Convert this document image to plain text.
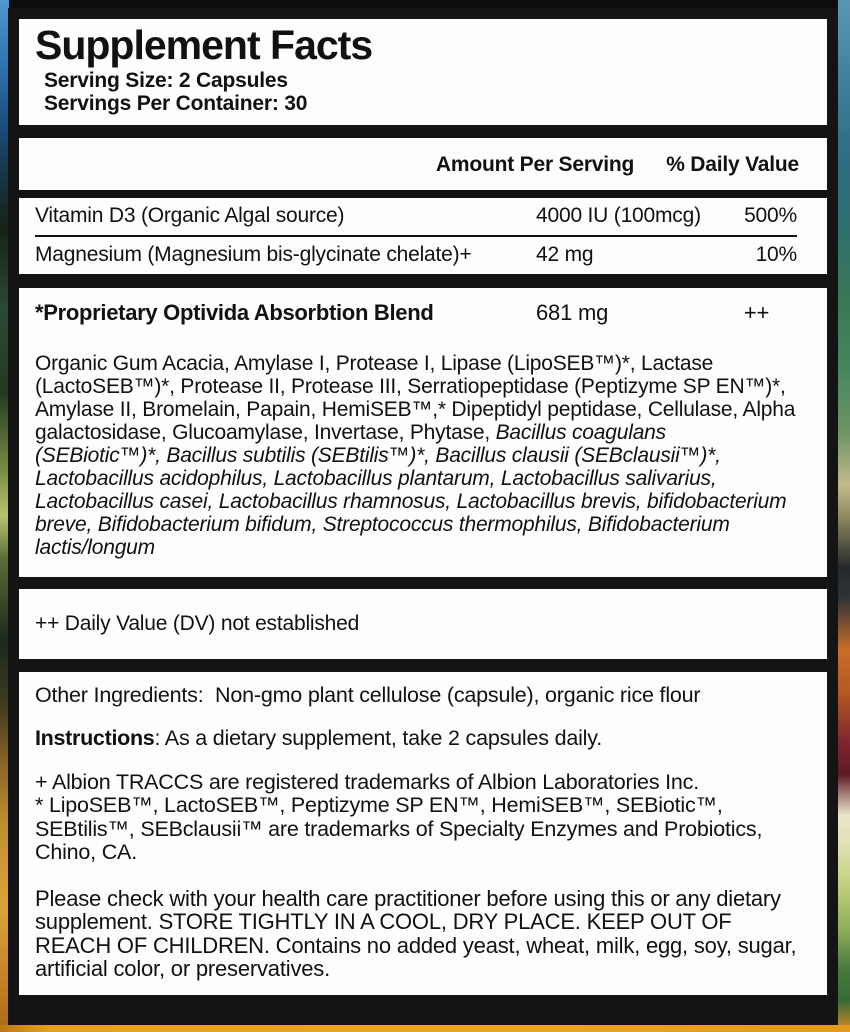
Supplement Facts
Serving Size: 2 Capsules
Servings Per Container: 30
Amount Per Serving % Daily Value
Vitamin D3 (Organic Algal source)	4000 IU (100mcg)	500%
Magnesium (Magnesium bis-glycinate chelate)+	42 mg	10%
*Proprietary Optivida Absorbtion Blend	681 mg	++

Organic Gum Acacia, Amylase I, Protease I, Lipase (LipoSEB™)*, Lactase (LactoSEB™)*, Protease II, Protease III, Serratiopeptidase (Peptizyme SP EN™)*, Amylase II, Bromelain, Papain, HemiSEB™,* Dipeptidyl peptidase, Cellulase, Alpha galactosidase, Glucoamylase, Invertase, Phytase, Bacillus coagulans (SEBiotic™)*, Bacillus subtilis (SEBtilis™)*, Bacillus clausii (SEBclausii™)*, Lactobacillus acidophilus, Lactobacillus plantarum, Lactobacillus salivarius, Lactobacillus casei, Lactobacillus rhamnosus, Lactobacillus brevis, bifidobacterium breve, Bifidobacterium bifidum, Streptococcus thermophilus, Bifidobacterium lactis/longum

++ Daily Value (DV) not established

Other Ingredients:  Non-gmo plant cellulose (capsule), organic rice flour

Instructions: As a dietary supplement, take 2 capsules daily.

+ Albion TRACCS are registered trademarks of Albion Laboratories Inc.
* LipoSEB™, LactoSEB™, Peptizyme SP EN™, HemiSEB™, SEBiotic™, SEBtilis™, SEBclausii™ are trademarks of Specialty Enzymes and Probiotics, Chino, CA.

Please check with your health care practitioner before using this or any dietary supplement. STORE TIGHTLY IN A COOL, DRY PLACE. KEEP OUT OF REACH OF CHILDREN. Contains no added yeast, wheat, milk, egg, soy, sugar, artificial color, or preservatives.
